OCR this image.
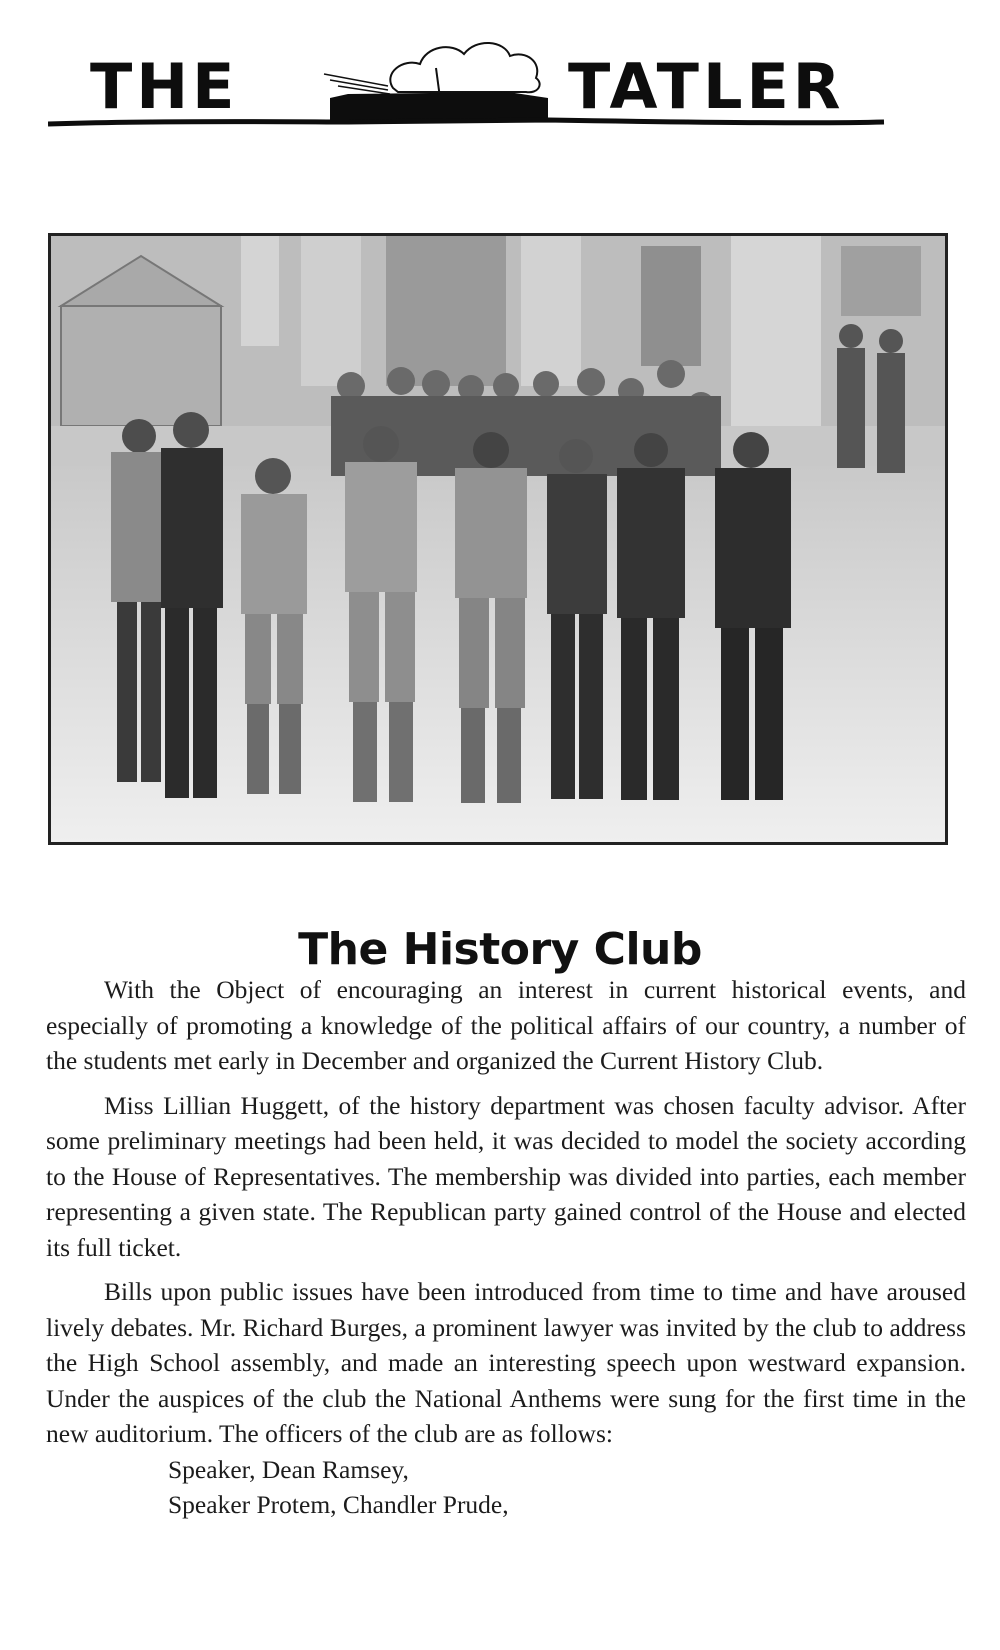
THE	TATLER
The History Club

With the Object of encouraging an interest in current historical events, and especially of promoting a knowledge of the political affairs of our country, a number of the students met early in December and organized the Current History Club.

Miss Lillian Huggett, of the history department was chosen faculty advisor. After some preliminary meetings had been held, it was decided to model the society according to the House of Representatives. The membership was divided into parties, each member representing a given state. The Republican party gained control of the House and elected its full ticket.

Bills upon public issues have been introduced from time to time and have aroused lively debates. Mr. Richard Burges, a prominent lawyer was invited by the club to address the High School assembly, and made an interesting speech upon westward expansion. Under the auspices of the club the National Anthems were sung for the first time in the new auditorium. The officers of the club are as follows:

Speaker, Dean Ramsey,
Speaker Protem, Chandler Prude,
